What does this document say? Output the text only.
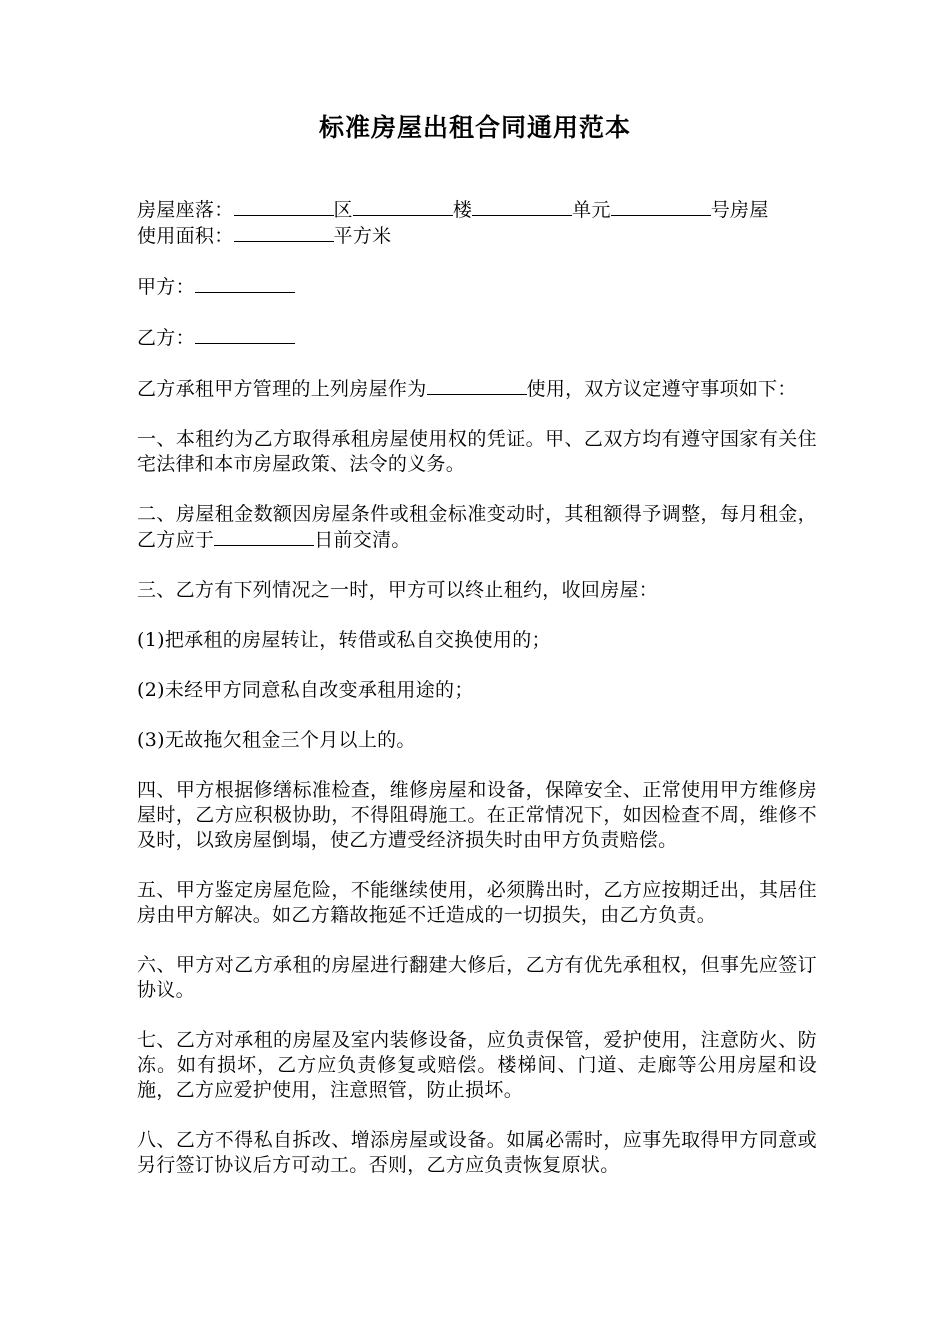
标准房屋出租合同通用范本

房屋座落：	区	楼	单元	号房屋

使用面积：	平方米

甲方：

乙方：

乙方承租甲方管理的上列房屋作为	使用，双方议定遵守事项如下：

一、本租约为乙方取得承租房屋使用权的凭证。甲、乙双方均有遵守国家有关住宅法律和本市房屋政策、法令的义务。

二、房屋租金数额因房屋条件或租金标准变动时，其租额得予调整，每月租金，乙方应于	日前交清。

三、乙方有下列情况之一时，甲方可以终止租约，收回房屋：

(1)把承租的房屋转让，转借或私自交换使用的；

(2)未经甲方同意私自改变承租用途的；

(3)无故拖欠租金三个月以上的。

四、甲方根据修缮标准检查，维修房屋和设备，保障安全、正常使用甲方维修房屋时，乙方应积极协助，不得阻碍施工。在正常情况下，如因检查不周，维修不及时，以致房屋倒塌，使乙方遭受经济损失时由甲方负责赔偿。

五、甲方鉴定房屋危险，不能继续使用，必须腾出时，乙方应按期迁出，其居住房由甲方解决。如乙方籍故拖延不迁造成的一切损失，由乙方负责。

六、甲方对乙方承租的房屋进行翻建大修后，乙方有优先承租权，但事先应签订协议。

七、乙方对承租的房屋及室内装修设备，应负责保管，爱护使用，注意防火、防冻。如有损坏，乙方应负责修复或赔偿。楼梯间、门道、走廊等公用房屋和设施，乙方应爱护使用，注意照管，防止损坏。

八、乙方不得私自拆改、增添房屋或设备。如属必需时，应事先取得甲方同意或另行签订协议后方可动工。否则，乙方应负责恢复原状。
